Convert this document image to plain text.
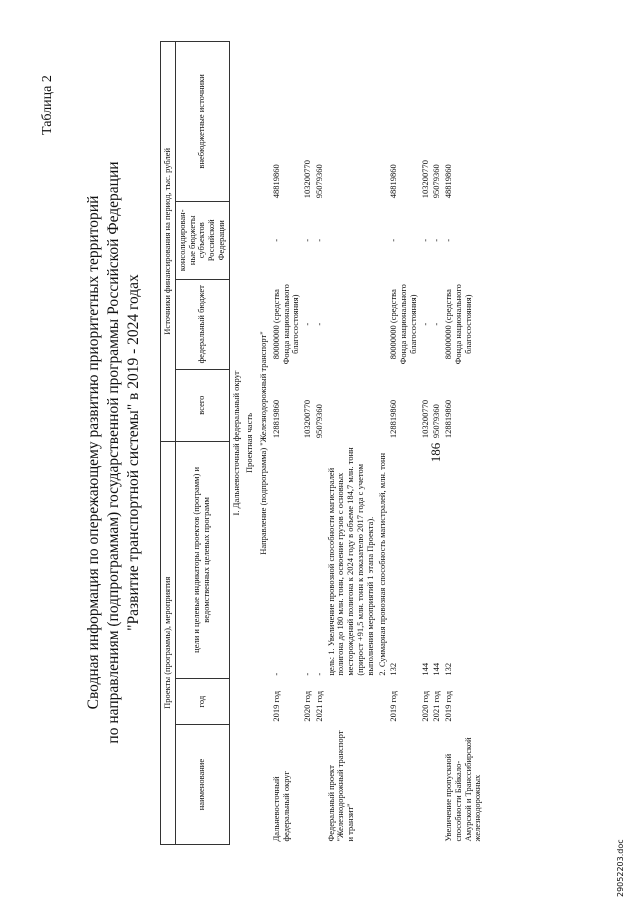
186
Таблица 2
Сводная информация по опережающему развитию приоритетных территорий по направлениям (подпрограммам) государственной программы Российской Федерации "Развитие транспортной системы" в 2019 - 2024 годах
Проекты (программы), мероприятия			Источники финансирования на период, тыс. рублей			
наименование	год	цели и целевые индикаторы проектов (программ) и ведомственных целевых программ	всего	федеральный бюджет	консолидирован-ные бюджеты субъектов Российской Федерации	внебюджетные источники
I. Дальневосточный федеральный округ						
Проектная часть						
Направление (подпрограмма) "Железнодорожный транспорт"						
Дальневосточный федеральный округ	2019 год	-	128819860	80000000 (средства Фонда национального благосостояния)	-	48819860
	2020 год	-	103200770	-	-	103200770
	2021 год	-	95079360	-	-	95079360
Федеральный проект "Железнодорожный транспорт и транзит"		цель: 1. Увеличение провозной способности магистралей полигона до 180 млн. тонн, освоение грузов с основных месторождений полигона к 2024 году в объеме 184,7 млн. тонн (прирост +91,5 млн. тонн к показателю 2017 года с учетом выполнения мероприятий 1 этапа Проекта).				
		2. Суммарная провозная способность магистралей, млн. тонн				
	2019 год	132	128819860	80000000 (средства Фонда национального благосостояния)	-	48819860
	2020 год	144	103200770	-	-	103200770
	2021 год	144	95079360	-	-	95079360
Увеличение пропускной способности Байкало-Амурской и Транссибирской железнодорожных	2019 год	132	128819860	80000000 (средства Фонда национального благосостояния)	-	48819860
29052203.doc
